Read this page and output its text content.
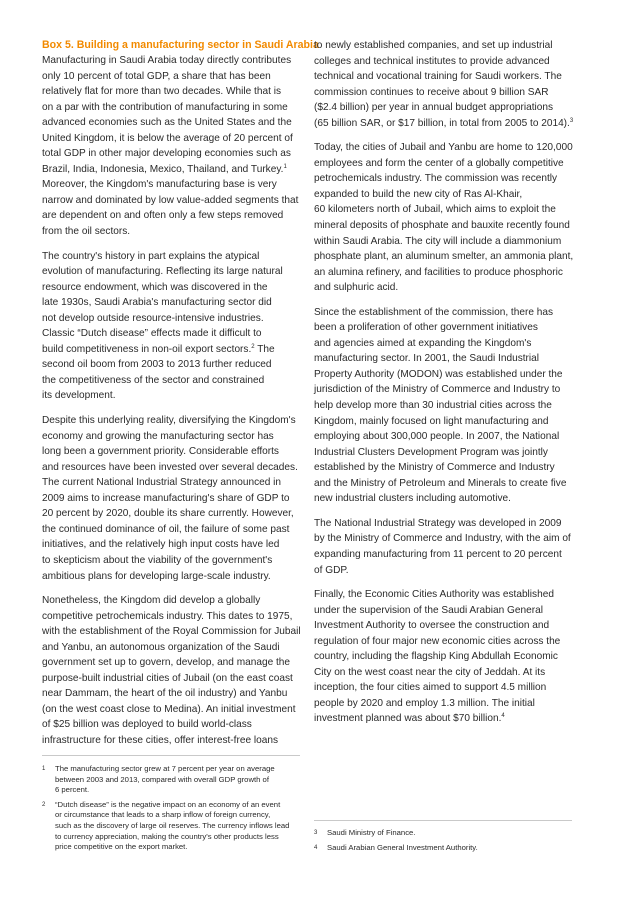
Box 5. Building a manufacturing sector in Saudi Arabia
Manufacturing in Saudi Arabia today directly contributes
only 10 percent of total GDP, a share that has been
relatively flat for more than two decades. While that is
on a par with the contribution of manufacturing in some
advanced economies such as the United States and the
United Kingdom, it is below the average of 20 percent of
total GDP in other major developing economies such as
Brazil, India, Indonesia, Mexico, Thailand, and Turkey.$^1$
Moreover, the Kingdom's manufacturing base is very
narrow and dominated by low value-added segments that
are dependent on and often only a few steps removed
from the oil sectors.
The country's history in part explains the atypical
evolution of manufacturing. Reflecting its large natural
resource endowment, which was discovered in the
late 1930s, Saudi Arabia's manufacturing sector did
not develop outside resource-intensive industries.
Classic “Dutch disease” effects made it difficult to
build competitiveness in non-oil export sectors.$^2$ The
second oil boom from 2003 to 2013 further reduced
the competitiveness of the sector and constrained
its development.
Despite this underlying reality, diversifying the Kingdom's
economy and growing the manufacturing sector has
long been a government priority. Considerable efforts
and resources have been invested over several decades.
The current National Industrial Strategy announced in
2009 aims to increase manufacturing's share of GDP to
20 percent by 2020, double its share currently. However,
the continued dominance of oil, the failure of some past
initiatives, and the relatively high input costs have led
to skepticism about the viability of the government's
ambitious plans for developing large-scale industry.
Nonetheless, the Kingdom did develop a globally
competitive petrochemicals industry. This dates to 1975,
with the establishment of the Royal Commission for Jubail
and Yanbu, an autonomous organization of the Saudi
government set up to govern, develop, and manage the
purpose-built industrial cities of Jubail (on the east coast
near Dammam, the heart of the oil industry) and Yanbu
(on the west coast close to Medina). An initial investment
of $25 billion was deployed to build world-class
infrastructure for these cities, offer interest-free loans
to newly established companies, and set up industrial
colleges and technical institutes to provide advanced
technical and vocational training for Saudi workers. The
commission continues to receive about 9 billion SAR
($2.4 billion) per year in annual budget appropriations
(65 billion SAR, or $17 billion, in total from 2005 to 2014).$^3$
Today, the cities of Jubail and Yanbu are home to 120,000
employees and form the center of a globally competitive
petrochemicals industry. The commission was recently
expanded to build the new city of Ras Al-Khair,
60 kilometers north of Jubail, which aims to exploit the
mineral deposits of phosphate and bauxite recently found
within Saudi Arabia. The city will include a diammonium
phosphate plant, an aluminum smelter, an ammonia plant,
an alumina refinery, and facilities to produce phosphoric
and sulphuric acid.
Since the establishment of the commission, there has
been a proliferation of other government initiatives
and agencies aimed at expanding the Kingdom's
manufacturing sector. In 2001, the Saudi Industrial
Property Authority (MODON) was established under the
jurisdiction of the Ministry of Commerce and Industry to
help develop more than 30 industrial cities across the
Kingdom, mainly focused on light manufacturing and
employing about 300,000 people. In 2007, the National
Industrial Clusters Development Program was jointly
established by the Ministry of Commerce and Industry
and the Ministry of Petroleum and Minerals to create five
new industrial clusters including automotive.
The National Industrial Strategy was developed in 2009
by the Ministry of Commerce and Industry, with the aim of
expanding manufacturing from 11 percent to 20 percent
of GDP.
Finally, the Economic Cities Authority was established
under the supervision of the Saudi Arabian General
Investment Authority to oversee the construction and
regulation of four major new economic cities across the
country, including the flagship King Abdullah Economic
City on the west coast near the city of Jeddah. At its
inception, the four cities aimed to support 4.5 million
people by 2020 and employ 1.3 million. The initial
investment planned was about $70 billion.$^4$
1 The manufacturing sector grew at 7 percent per year on average
between 2003 and 2013, compared with overall GDP growth of
6 percent.
2 “Dutch disease” is the negative impact on an economy of an event
or circumstance that leads to a sharp inflow of foreign currency,
such as the discovery of large oil reserves. The currency inflows lead
to currency appreciation, making the country's other products less
price competitive on the export market.
3 Saudi Ministry of Finance.
4 Saudi Arabian General Investment Authority.
